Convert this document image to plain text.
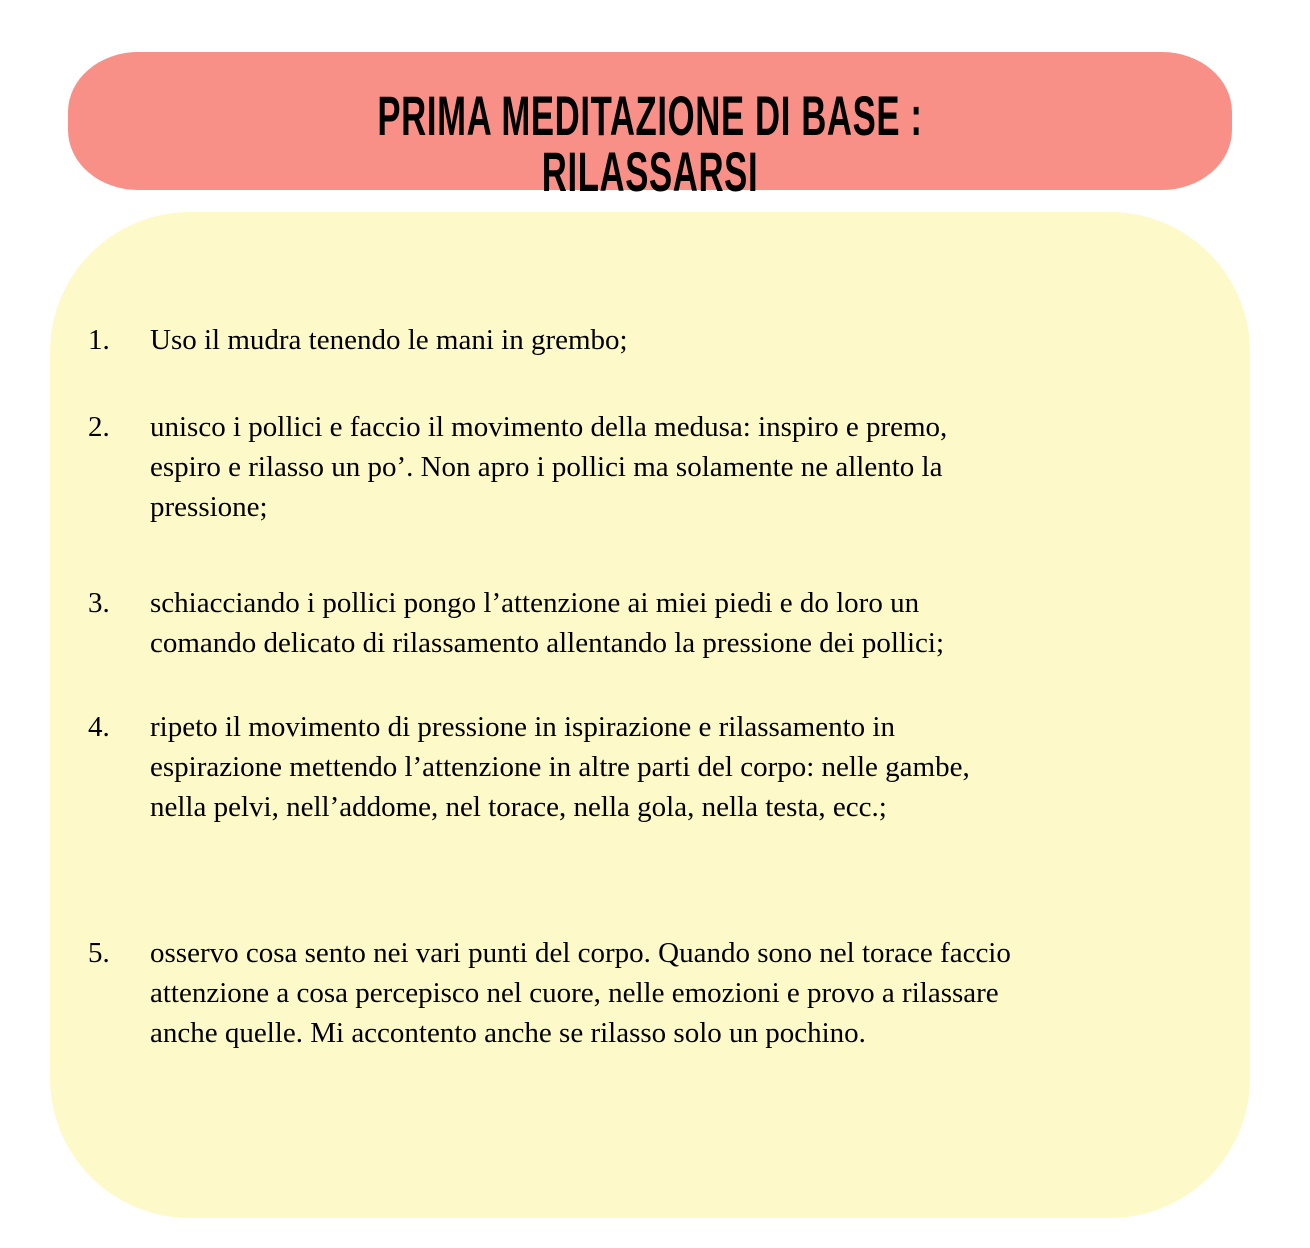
PRIMA MEDITAZIONE DI BASE : RILASSARSI
1. Uso il mudra tenendo le mani in grembo;
2. unisco i pollici e faccio il movimento della medusa: inspiro e premo,
espiro e rilasso un po’. Non apro i pollici ma solamente ne allento la
pressione;
3. schiacciando i pollici pongo l’attenzione ai miei piedi e do loro un
comando delicato di rilassamento allentando la pressione dei pollici;
4. ripeto il movimento di pressione in ispirazione e rilassamento in
espirazione mettendo l’attenzione in altre parti del corpo: nelle gambe,
nella pelvi, nell’addome, nel torace, nella gola, nella testa, ecc.;
5. osservo cosa sento nei vari punti del corpo. Quando sono nel torace faccio
attenzione a cosa percepisco nel cuore, nelle emozioni e provo a rilassare
anche quelle. Mi accontento anche se rilasso solo un pochino.
